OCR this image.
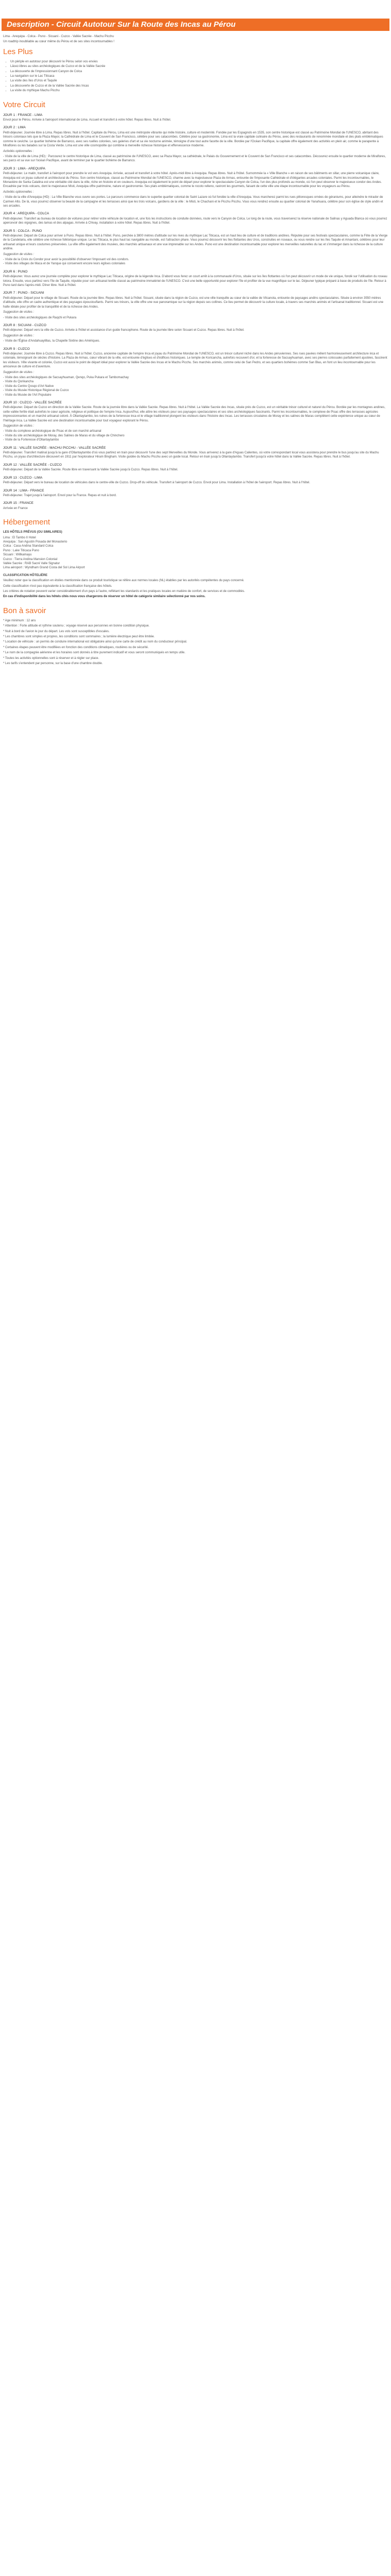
Description - Circuit Autotour Sur la Route des Incas au Pérou

Lima - Arequipa - Colca - Puno - Sicuani - Cuzco - Vallée Sacrée - Machu Picchu

Un roadtrip inoubliable au cœur même du Pérou et de ses sites incontournables !

Les Plus
• Un périple en autotour pour découvrir le Pérou selon vos envies
• Lâcez-libres au sites archéologiques de Cuzco et de la Vallée Sacrée
• La découverte de l'impressionnant Canyon de Colca
• La navigation sur le Lac Titicaca
• La visite des îles d'Uros et Taquile
• La découverte de Cuzco et de la Vallée Sacrée des Incas
• La visite du mythique Machu Picchu
Votre Circuit
JOUR 1 : FRANCE - LIMA

Envol pour le Pérou. Arrivée à l'aéroport international de Lima. Accueil et transfert à votre hôtel. Repas libres. Nuit à l'hôtel.

JOUR 2 : LIMA

Petit-déjeuner. Journée libre à Lima. Repas libres. Nuit à l'hôtel. Capitale du Pérou, Lima est une métropole vibrante qui mêle histoire, culture et modernité. Fondée par les Espagnols en 1535, son centre historique est classé au Patrimoine Mondial de l'UNESCO, abritant des trésors coloniaux tels que la Plaza Mayor, la Cathédrale de Lima et le Couvent de San Francisco, célèbre pour ses catacombes. Célèbre pour sa gastronomie, Lima est la vraie capitale culinaire du Pérou, avec des restaurants de renommée mondiale et des plats emblématiques comme le ceviche. Le quartier bohème de Barranco, avec ses ruelles colorées, ses galeries d'art et sa vie nocturne animée, témoigne d'une tout autre facette de la ville. Bordée par l'Océan Pacifique, la capitale offre également des activités en plein air, comme le parapente à Miraflores ou les balades sur la Costa Verde. Lima est une ville cosmopolite qui combine à merveille richesse historique et effervescence moderne.

Activités optionnelles :

- Visite de la ville de Lima (HD) : Parcourez le centre historique de Lima, classé au patrimoine de l'UNESCO, avec sa Plaza Mayor, sa cathédrale, le Palais du Gouvernement et le Couvent de San Francisco et ses catacombes. Découvrez ensuite le quartier moderne de Miraflores, ses parcs et sa vue sur l'océan Pacifique, avant de terminer par le quartier bohème de Barranco.

JOUR 3 : LIMA - AREQUIPA

Petit-déjeuner. Le matin, transfert à l'aéroport pour prendre le vol vers Arequipa. Arrivée, accueil et transfert à votre hôtel. Après-midi libre à Arequipa. Repas libres. Nuit à l'hôtel. Surnommée la « Ville Blanche » en raison de ses bâtiments en sillar, une pierre volcanique claire, Arequipa est un joyau culturel et architectural du Pérou. Son centre historique, classé au Patrimoine Mondial de l'UNESCO, charme avec la majestueuse Plaza de Armas, entourée de l'imposante Cathédrale et d'élégantes arcades coloniales. Parmi les incontournables, le Monastère de Santa Catalina est une véritable cité dans la ville, riche en histoire et en couleurs. Arequipa est également le point de départ pour explorer le spectaculaire Canyon de Colca, l'un des plus profonds au monde, où l'on peut observer le majestueux condor des Andes. Encadrée par trois volcans, dont le majestueux Misti, Arequipa offre patrimoine, nature et gastronomie. Ses plats emblématiques, comme le rocoto relleno, raviront les gourmets, faisant de cette ville une étape incontournable pour les voyageurs au Pérou.

Activités optionnelles :

- Visite de la ville d'Arequipa (HD) : La Ville Blanche vous ouvre ses portes. Le parcours commence dans le superbe quartier colonial de Saint Lazare où fut fondée la ville d'Arequipa. Vous marcherez parmi les rues pittoresques ornées de géraniums, pour atteindre le mirador de Carmen Alto. De là, vous pourrez observer la beauté de la campagne et les terrasses ainsi que les trois volcans, gardiens de la ville : le Misti, le Chachani et le Picchu Picchu. Vous vous rendrez ensuite au quartier colonial de Yanahuara, célèbre pour son église de style andin et ses arcades.

JOUR 4 : AREQUIPA - COLCA

Petit-déjeuner. Transfert au bureau de location de voitures pour retirer votre véhicule de location et, une fois les instructions de conduite données, route vers le Canyon de Colca. Le long de la route, vous traverserez la réserve nationale de Salinas y Aguada Blanca où vous pourrez apercevoir des vigognes, des lamas et des alpagas. Arrivée à Chivay, installation à votre hôtel. Repas libres. Nuit à l'hôtel.

JOUR 5 : COLCA - PUNO

Petit-déjeuner. Départ de Colca pour arriver à Puno. Repas libres. Nuit à l'hôtel. Puno, perchée à 3800 mètres d'altitude sur les rives du mythique Lac Titicaca, est un haut lieu de culture et de traditions andines. Réputée pour ses festivals spectaculaires, comme la Fête de la Vierge de la Candelaria, elle célèbre une richesse folklorique unique. Le lac Titicaca, le plus haut lac navigable au monde, est l'attraction phare. Vous pourrez découvrir les îles flottantes des Uros, construites en roseaux, ou vous rendre sur les îles Taquile et Amantani, célèbres pour leur artisanat unique et leurs coutumes préservées. La ville offre également des musées, des marchés artisanaux et une vue imprenable sur les Andes. Puno est une destination incontournable pour explorer les merveilles naturelles du lac et s'immerger dans la richesse de la culture andine.

Suggestion de visites :

- Visite de la Croix du Condor pour avoir la possibilité d'observer l'imposant vol des condors.

- Visite des villages de Maca et de Yanque qui conservent encore leurs églises coloniales

JOUR 6 : PUNO

Petit-déjeuner. Vous aurez une journée complète pour explorer le mythique Lac Titicaca, origine de la légende Inca. D'abord vous ferez un court arrêt à la communauté d'Uros, située sur les îles flottantes où l'on peut découvrir un mode de vie unique, fondé sur l'utilisation du roseau totora. Ensuite, vous partirez vers l'île de Taquile, réputée pour son artisanat textile classé au patrimoine immatériel de l'UNESCO. C'est une belle opportunité pour explorer l'île et profiter de la vue magnifique sur le lac. Déjeuner typique préparé à base de produits de l'île. Retour à Puno tard dans l'après-midi. Dîner libre. Nuit à l'hôtel.

JOUR 7 : PUNO - SICUANI

Petit-déjeuner. Départ pour le village de Sicuani. Route de la journée libre. Repas libres. Nuit à l'hôtel. Sicuani, située dans la région de Cuzco, est une ville tranquille au cœur de la vallée de Vilcanota, entourée de paysages andins spectaculaires. Située à environ 3550 mètres d'altitude, elle offre un cadre authentique et des paysages époustouflants. Parmi ses trésors, la ville offre une vue panoramique sur la région depuis ses collines. Ce lieu permet de découvrir la culture locale, à travers ses marchés animés et l'artisanat traditionnel. Sicuani est une halte idéale pour profiter de la tranquillité et de la richesse des Andes.

Suggestion de visites :

- Visite des sites archéologiques de Raqchi et Pukara

JOUR 8 : SICUANI - CUZCO

Petit-déjeuner. Départ vers la ville de Cuzco. Arrivée à l'hôtel et assistance d'un guide francophone. Route de la journée libre selon Sicuani et Cuzco. Repas libres. Nuit à l'hôtel.

Suggestion de visites :

- Visite de l'Église d'Andahuaylillas, la Chapelle Sixtine des Amériques.

JOUR 9 : CUZCO

Petit-déjeuner. Journée libre à Cuzco. Repas libres. Nuit à l'hôtel. Cuzco, ancienne capitale de l'empire Inca et joyau du Patrimoine Mondial de l'UNESCO, est un trésor culturel niché dans les Andes péruviennes. Ses rues pavées mêlent harmonieusement architecture inca et coloniale, témoignant de siècles d'histoire. La Plaza de Armas, cœur vibrant de la ville, est entourée d'églises et d'édifices historiques. Le temple de Koricancha, autrefois recouvert d'or, et la forteresse de Sacsayhuaman, avec ses pierres colossales parfaitement ajustées, fascinent les visiteurs. Ville vivante et colorée, Cuzco est aussi le point de départ idéal pour explorer la Vallée Sacrée des Incas et le Machu Picchu. Ses marchés animés, comme celui de San Pedro, et ses quartiers bohèmes comme San Blas, en font un lieu incontournable pour les amoureux de culture et d'aventure.

Suggestion de visites :

- Visite des sites archéologiques de Sacsayhuaman, Qenqo, Puka Pukara et Tambomachay

- Visite du Qorikancha

- Visite du Centre Qosqo d'Art Native

- Visite du Musée Historique Régional de Cuzco

- Visite du Musée de l'Art Populaire

JOUR 10 : CUZCO - VALLÉE SACRÉE

Petit-déjeuner. Départ de Cuzco en direction de la Vallée Sacrée. Route de la journée libre dans la Vallée Sacrée. Repas libres. Nuit à l'hôtel. La Vallée Sacrée des Incas, située près de Cuzco, est un véritable trésor culturel et naturel du Pérou. Bordée par les montagnes andines, cette vallée fertile était autrefois le cœur agricole, religieux et politique de l'empire Inca. Aujourd'hui, elle attire les visiteurs pour ses paysages spectaculaires et ses sites archéologiques fascinants. Parmi les incontournables, le complexe de Pisac offre des terrasses agricoles impressionnantes et un marché artisanal coloré. À Ollantaytambo, les ruines de la forteresse inca et le village traditionnel plongent les visiteurs dans l'histoire des Incas. Les terrasses circulaires de Moray et les salines de Maras complètent cette expérience unique au cœur de l'héritage inca. La Vallée Sacrée est une destination incontournable pour tout voyageur explorant le Pérou.

Suggestion de visites :

- Visite du complexe archéologique de Pisac et de son marché artisanal

- Visite du site archéologique de Moray, des Salines de Maras et du village de Chinchero

- Visite de la Forteresse d'Ollantaytambo

JOUR 11 : VALLÉE SACRÉE - MACHU PICCHU - VALLÉE SACRÉE

Petit-déjeuner. Transfert matinal jusqu'à la gare d'Ollantaytambo d'où vous partirez en train pour découvrir l'une des sept Merveilles du Monde. Vous arriverez à la gare d'Aguas Calientes, où votre correspondant local vous assistera pour prendre le bus jusqu'au site du Machu Picchu, un joyau d'architecture découvert en 1911 par l'explorateur Hiram Bingham. Visite guidée du Machu Picchu avec un guide local. Retour en train jusqu'à Ollantaytambo. Transfert jusqu'à votre hôtel dans la Vallée Sacrée. Repas libres. Nuit à l'hôtel.

JOUR 12 : VALLÉE SACRÉE - CUZCO

Petit-déjeuner. Départ de la Vallée Sacrée. Route libre en traversant la Vallée Sacrée jusqu'à Cuzco. Repas libres. Nuit à l'hôtel.

JOUR 13 : CUZCO - LIMA

Petit-déjeuner. Départ vers le bureau de location de véhicules dans le centre-ville de Cuzco. Drop-off du véhicule. Transfert à l'aéroport de Cuzco. Envol pour Lima. Installation à l'hôtel de l'aéroport. Repas libres. Nuit à l'hôtel.

JOUR 14 : LIMA - FRANCE

Petit-déjeuner. Trajet jusqu'à l'aéroport. Envol pour la France. Repas et nuit à bord.

JOUR 15 : FRANCE

Arrivée en France

Hébergement

LES HÔTELS PRÉVUS (OU SIMILAIRES)

Lima : El Tambo II Hotel

Arequipa : San Agustin Posada del Monasterio

Colca : Casa Andina Standard Colca

Puno : Lake Titicaca Puno

Sicuani : Willkamayu

Cuzco : Tierra Andina Mansion Colonial

Vallée Sacrée : RAB Sacré Valle Signatur

Lima aéroport : Wyndham Grand Costa del Sol Lima Airport

CLASSIFICATION HÔTELIÈRE

Veuillez noter que la classification en étoiles mentionnée dans ce produit touristique se réfère aux normes locales (NL) établies par les autorités compétentes du pays concerné.

Cette classification n'est pas équivalente à la classification française des hôtels.

Les critères de notation peuvent varier considérablement d'un pays à l'autre, reflétant les standards et les pratiques locales en matière de confort, de services et de commodités.

En cas d'indisponibilité dans les hôtels cités nous vous chargerons de réserver un hôtel de catégorie similaire sélectionné par nos soins.

Bon à savoir

* Age minimum : 12 ans

* Attention : Forte altitude et rythme soutenu ; voyage réservé aux personnes en bonne condition physique.

* Nuit à bord de l'avion le jour du départ. Les vols sont susceptibles d'escales.

* Les chambres sont simples et propres, les conditions sont sommaires ; la lumière électrique peut être limitée.

* Location de véhicule : un permis de conduire international est obligatoire ainsi qu'une carte de crédit au nom du conducteur principal.

* Certaines étapes peuvent être modifiées en fonction des conditions climatiques, routières ou de sécurité.

* Le nom de la compagnie aérienne et les horaires sont donnés à titre purement indicatif et vous seront communiqués en temps utile.

* Toutes les activités optionnelles sont à réserver et à régler sur place.

* Les tarifs s'entendent par personne, sur la base d'une chambre double.
